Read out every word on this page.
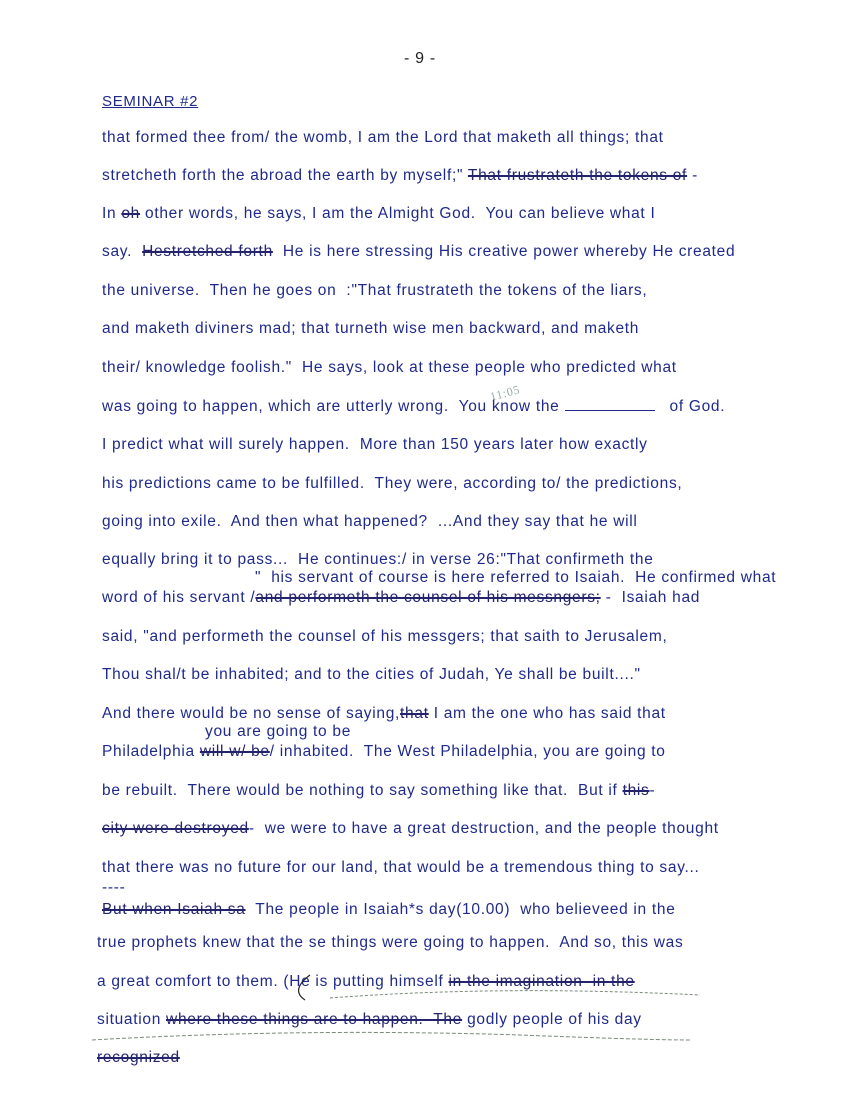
- 9 -
SEMINAR #2
11:05
that formed thee from/ the womb, I am the Lord that maketh all things; that
stretcheth forth the abroad the earth by myself;" That frustrateth the tokens of -
In oh other words, he says, I am the Almight God.  You can believe what I
say.  Hestretched forth  He is here stressing His creative power whereby He created
the universe.  Then he goes on  :"That frustrateth the tokens of the liars,
and maketh diviners mad; that turneth wise men backward, and maketh
their/ knowledge foolish."  He says, look at these people who predicted what
was going to happen, which are utterly wrong.  You know the	of God.
I predict what will surely happen.  More than 150 years later how exactly
his predictions came to be fulfilled.  They were, according to/ the predictions,
going into exile.  And then what happened?  ...And they say that he will
equally bring it to pass...  He continues:/ in verse 26:"That confirmeth the
"  his servant of course is here referred to Isaiah.  He confirmed what
word of his servant /and performeth the counsel of his messngers; -  Isaiah had
said, "and performeth the counsel of his messgers; that saith to Jerusalem,
Thou shal/t be inhabited; and to the cities of Judah, Ye shall be built...."
And there would be no sense of saying,that I am the one who has said that
you are going to be
Philadelphia will w/ be/ inhabited.  The West Philadelphia, you are going to
be rebuilt.  There would be nothing to say something like that.  But if this-
city were destroyed-  we were to have a great destruction, and the people thought
that there was no future for our land, that would be a tremendous thing to say...
----
But when Isaiah sa  The people in Isaiah*s day(10.00)  who believeed in the
true prophets knew that the se things were going to happen.  And so, this was
a great comfort to them. (He is putting himself in the imagination  in the
situation where these things are to happen.  The godly people of his day
recognized
